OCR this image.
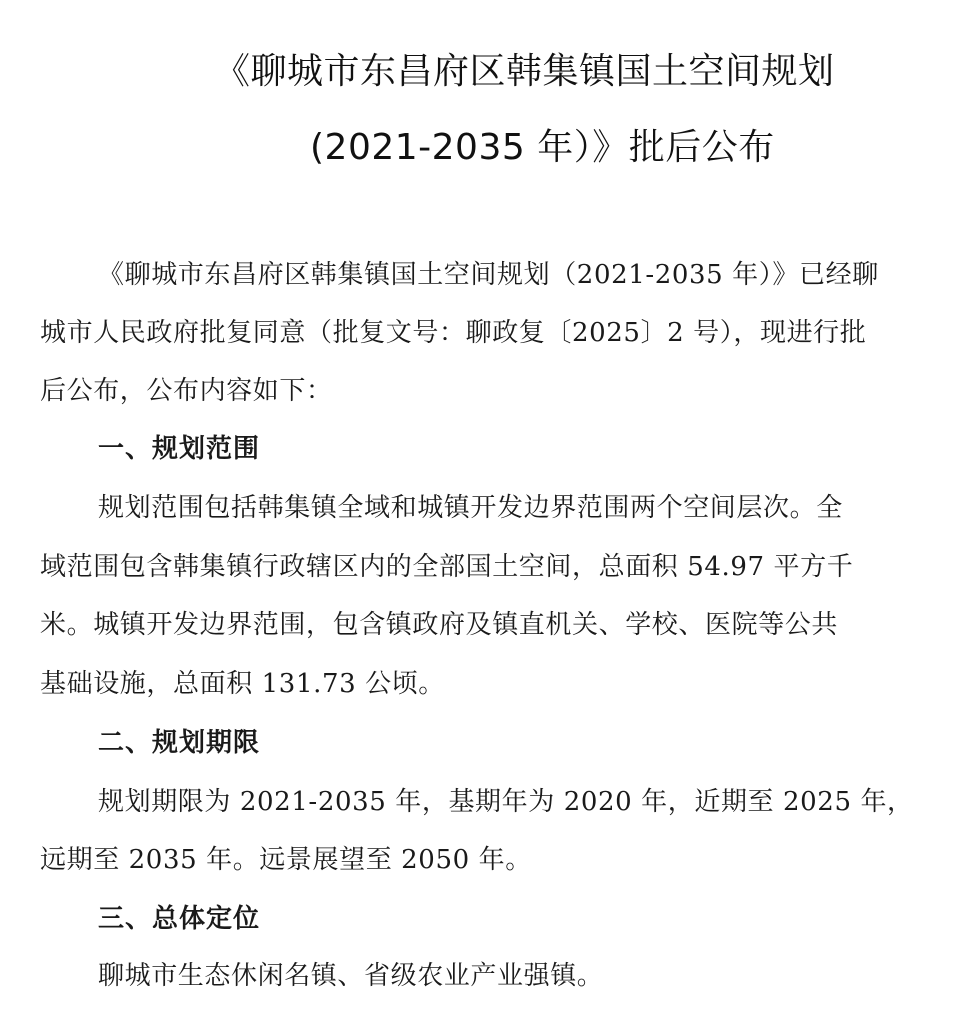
《聊城市东昌府区韩集镇国土空间规划
(2021-2035 年）》批后公布
《聊城市东昌府区韩集镇国土空间规划（2021-2035 年）》已经聊
城市人民政府批复同意（批复文号：聊政复〔2025〕2 号），现进行批
后公布，公布内容如下：
一、规划范围
规划范围包括韩集镇全域和城镇开发边界范围两个空间层次。全
域范围包含韩集镇行政辖区内的全部国土空间，总面积 54.97 平方千
米。城镇开发边界范围，包含镇政府及镇直机关、学校、医院等公共
基础设施，总面积 131.73 公顷。
二、规划期限
规划期限为 2021-2035 年，基期年为 2020 年，近期至 2025 年，
远期至 2035 年。远景展望至 2050 年。
三、总体定位
聊城市生态休闲名镇、省级农业产业强镇。
